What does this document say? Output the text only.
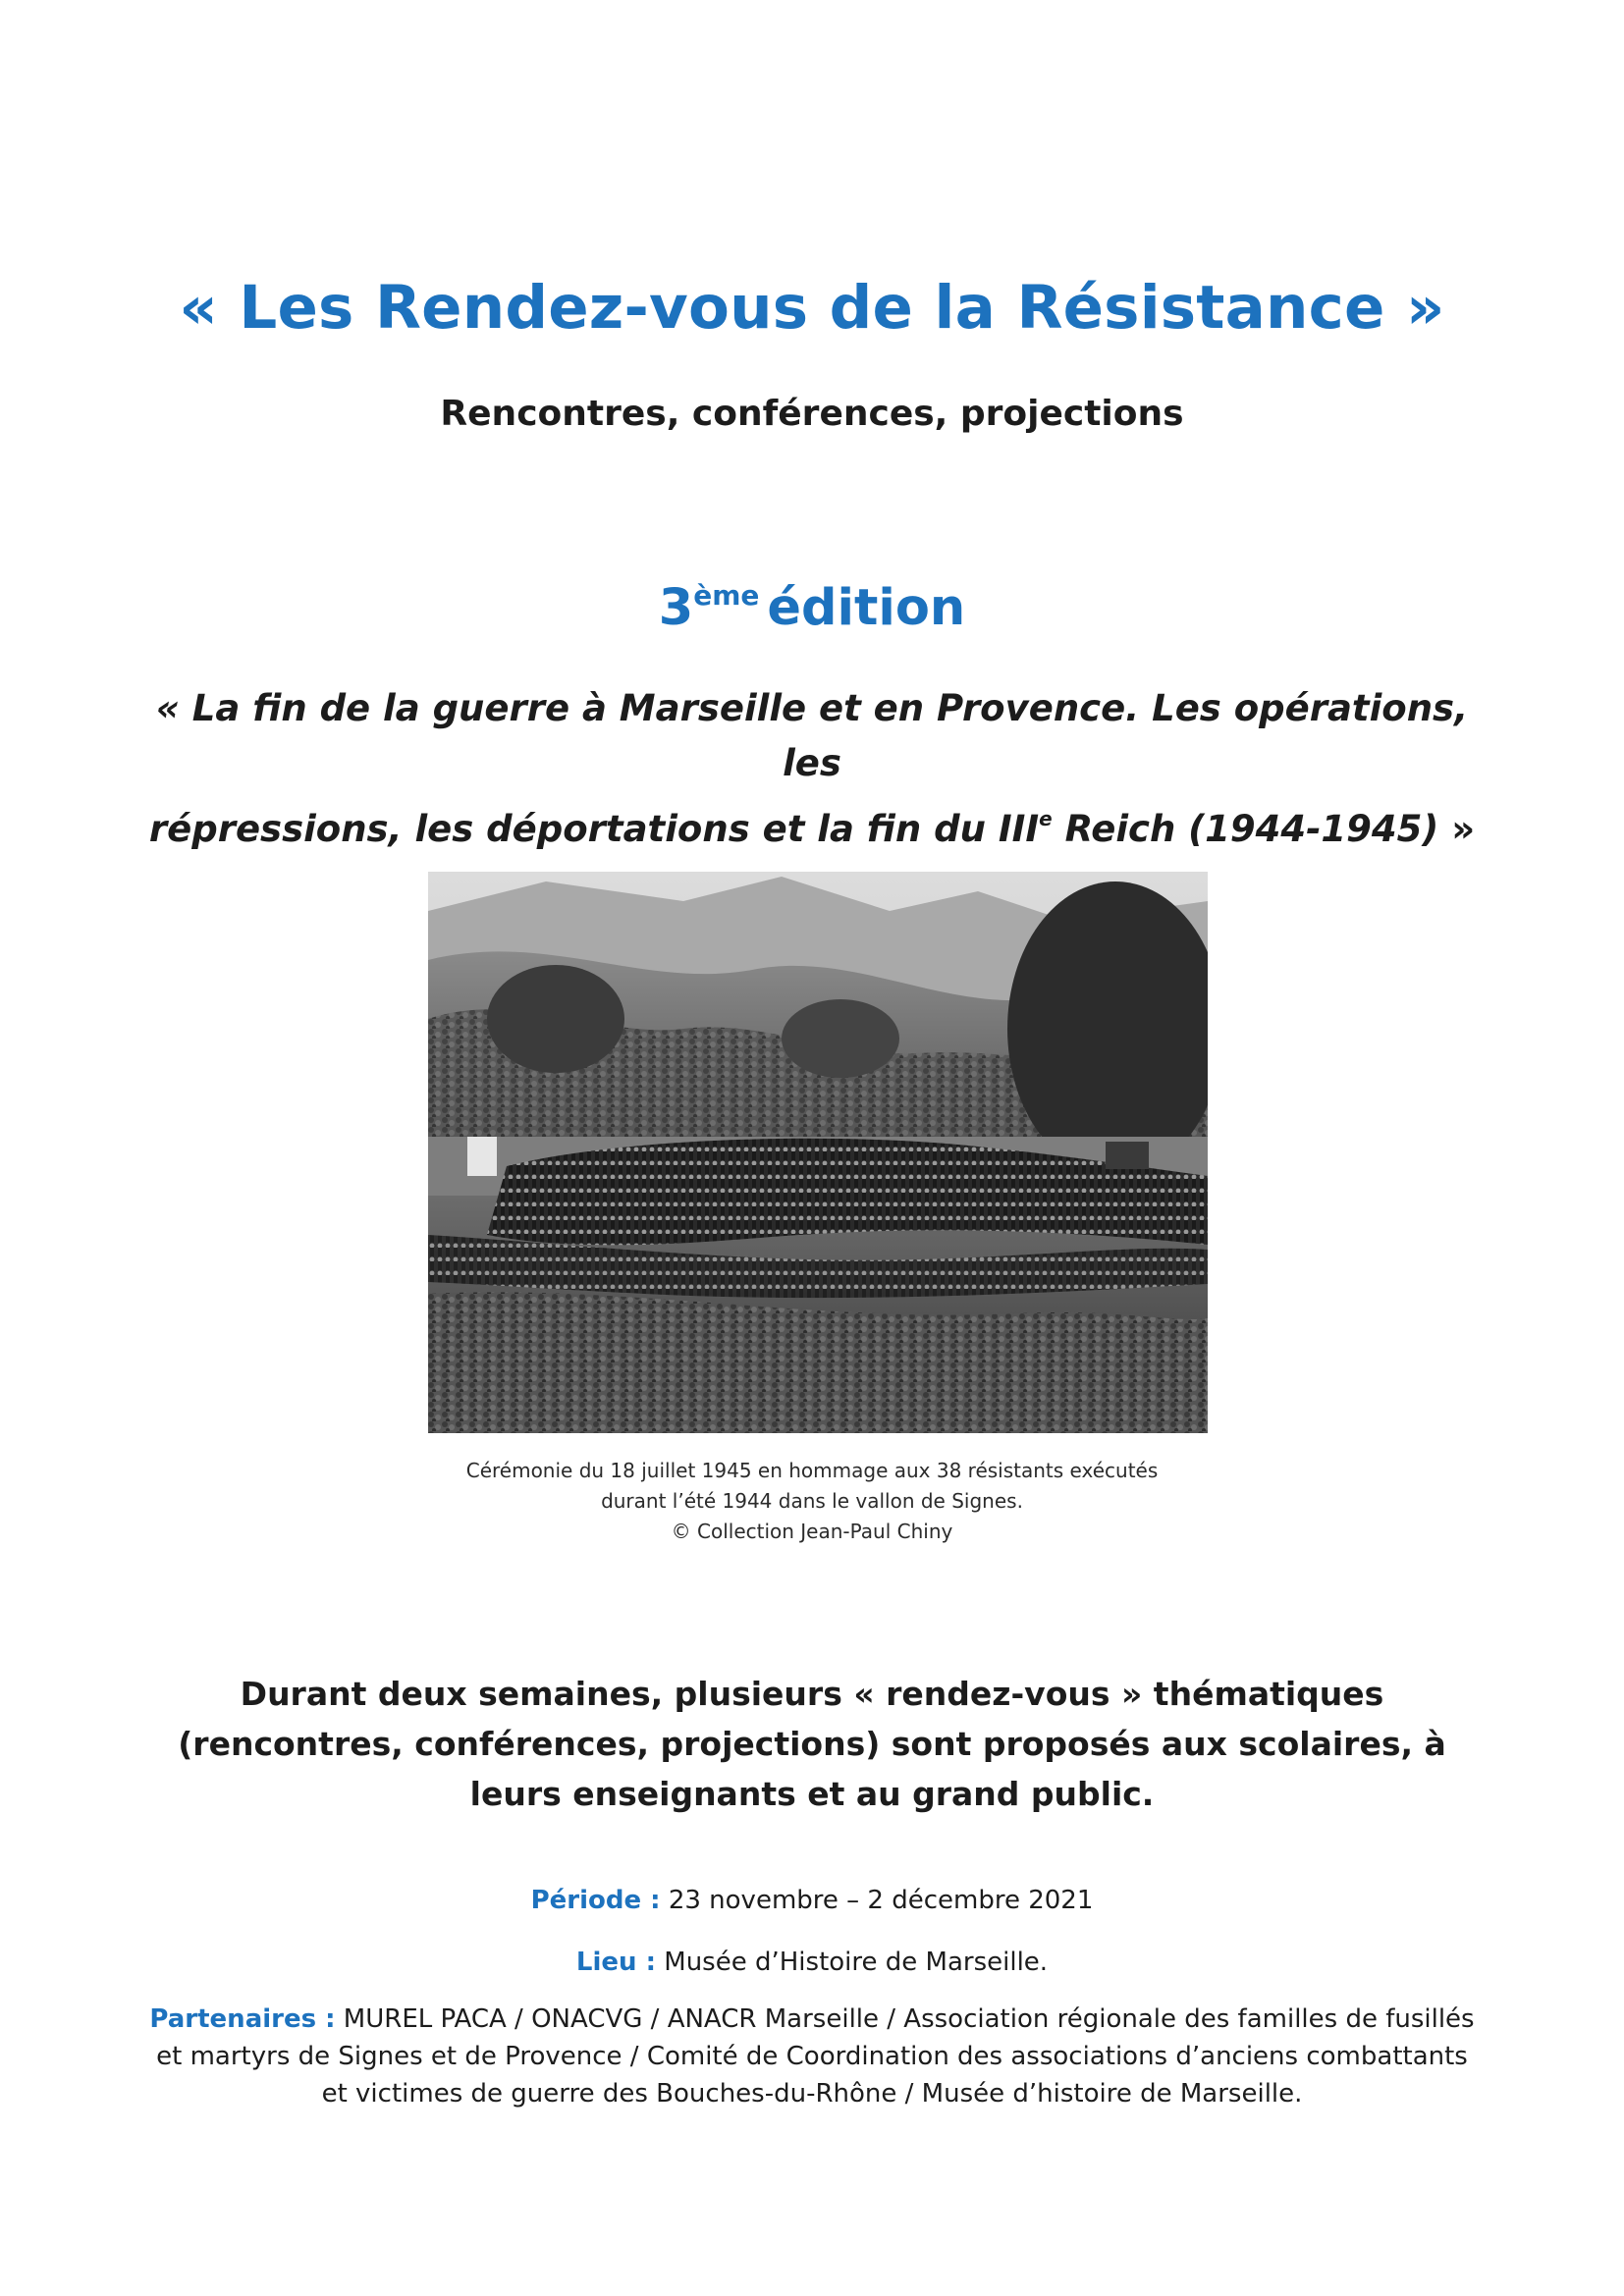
« Les Rendez-vous de la Résistance »
Rencontres, conférences, projections
3ème édition
« La fin de la guerre à Marseille et en Provence. Les opérations, les
répressions, les déportations et la fin du IIIe Reich (1944-1945) »
Cérémonie du 18 juillet 1945 en hommage aux 38 résistants exécutés
durant l’été 1944 dans le vallon de Signes.
© Collection Jean-Paul Chiny
Durant deux semaines, plusieurs « rendez-vous » thématiques (rencontres, conférences, projections) sont proposés aux scolaires, à leurs enseignants et au grand public.
Période : 23 novembre – 2 décembre 2021
Lieu : Musée d’Histoire de Marseille.
Partenaires : MUREL PACA / ONACVG / ANACR Marseille / Association régionale des familles de fusillés et martyrs de Signes et de Provence / Comité de Coordination des associations d’anciens combattants et victimes de guerre des Bouches-du-Rhône / Musée d’histoire de Marseille.
